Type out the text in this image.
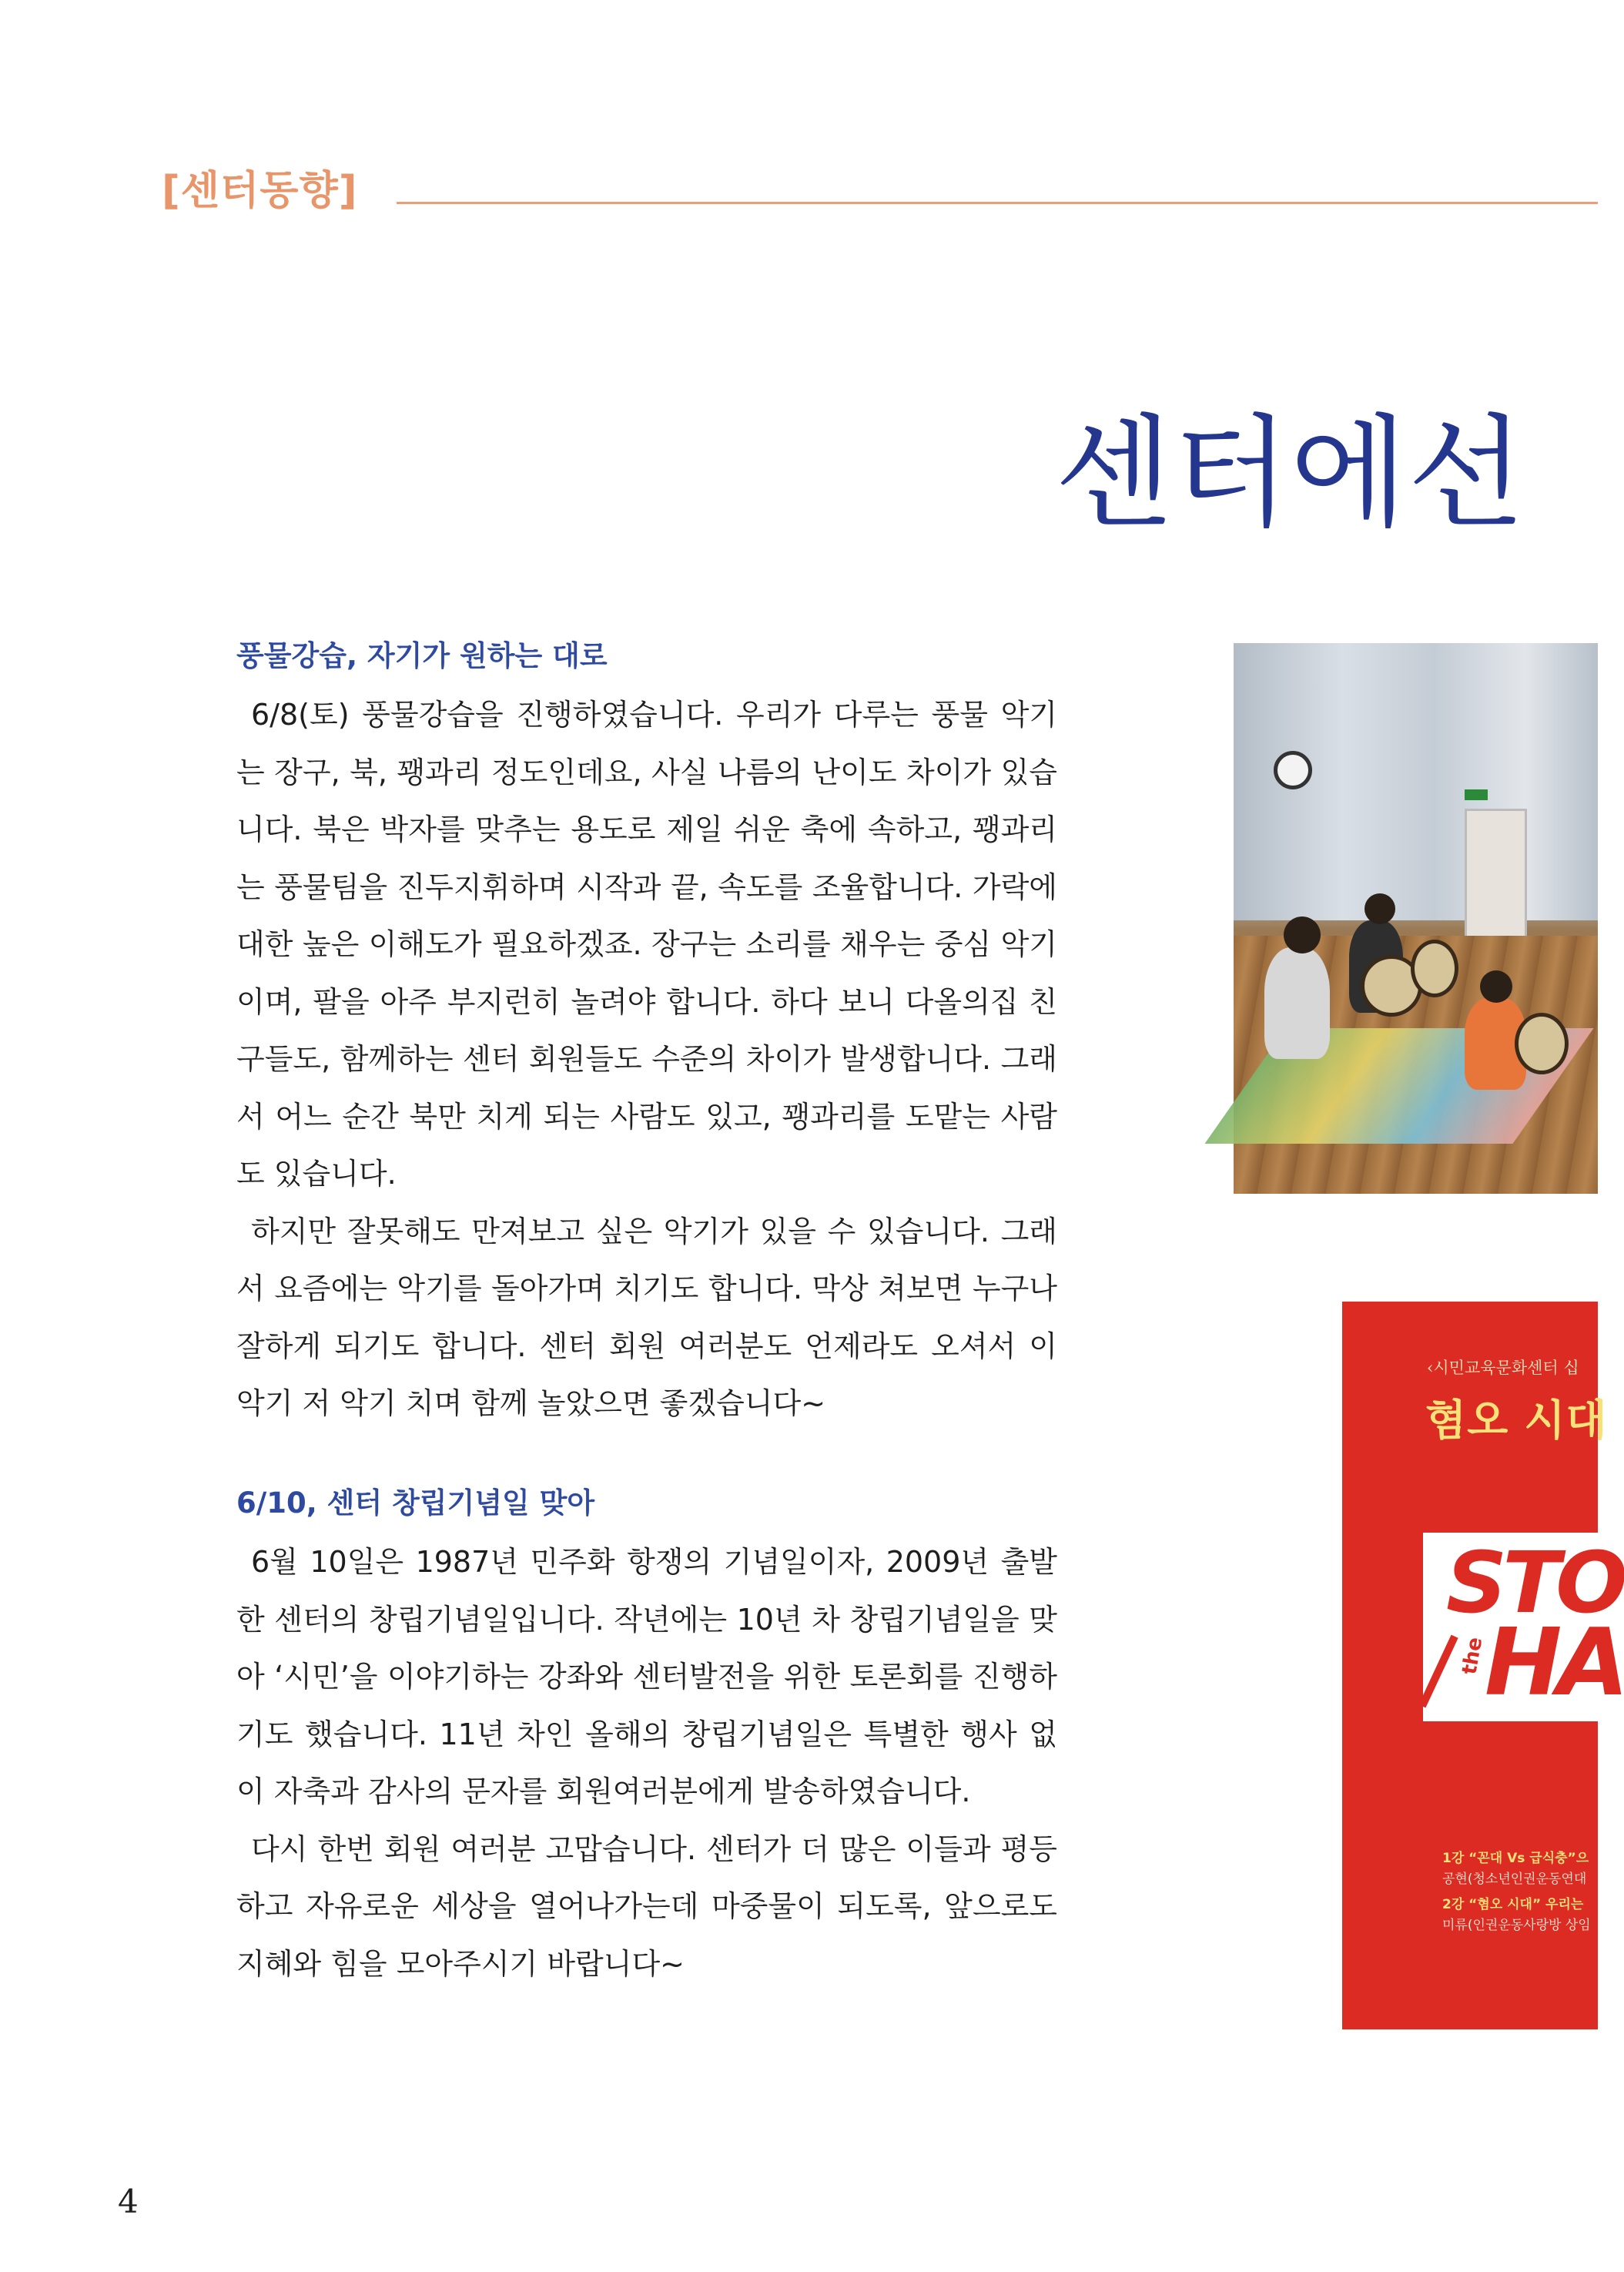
[센터동향]
센터에선
풍물강습, 자기가 원하는 대로

6/8(토) 풍물강습을 진행하였습니다. 우리가 다루는 풍물 악기는 장구, 북, 꽹과리 정도인데요, 사실 나름의 난이도 차이가 있습니다. 북은 박자를 맞추는 용도로 제일 쉬운 축에 속하고, 꽹과리는 풍물팀을 진두지휘하며 시작과 끝, 속도를 조율합니다. 가락에 대한 높은 이해도가 필요하겠죠. 장구는 소리를 채우는 중심 악기이며, 팔을 아주 부지런히 놀려야 합니다. 하다 보니 다올의집 친구들도, 함께하는 센터 회원들도 수준의 차이가 발생합니다. 그래서 어느 순간 북만 치게 되는 사람도 있고, 꽹과리를 도맡는 사람도 있습니다.

하지만 잘못해도 만져보고 싶은 악기가 있을 수 있습니다. 그래서 요즘에는 악기를 돌아가며 치기도 합니다. 막상 쳐보면 누구나 잘하게 되기도 합니다. 센터 회원 여러분도 언제라도 오셔서 이 악기 저 악기 치며 함께 놀았으면 좋겠습니다~

6/10, 센터 창립기념일 맞아

6월 10일은 1987년 민주화 항쟁의 기념일이자, 2009년 출발한 센터의 창립기념일입니다. 작년에는 10년 차 창립기념일을 맞아 ‘시민’을 이야기하는 강좌와 센터발전을 위한 토론회를 진행하기도 했습니다. 11년 차인 올해의 창립기념일은 특별한 행사 없이 자축과 감사의 문자를 회원여러분에게 발송하였습니다.

다시 한번 회원 여러분 고맙습니다. 센터가 더 많은 이들과 평등하고 자유로운 세상을 열어나가는데 마중물이 되도록, 앞으로도 지혜와 힘을 모아주시기 바랍니다~

‹시민교육문화센터 십
혐오 시대
STO
the
HA
1강 “꼰대 Vs 급식충”으
공현(청소년인권운동연대
2강 “혐오 시대” 우리는
미류(인권운동사랑방 상임
4
